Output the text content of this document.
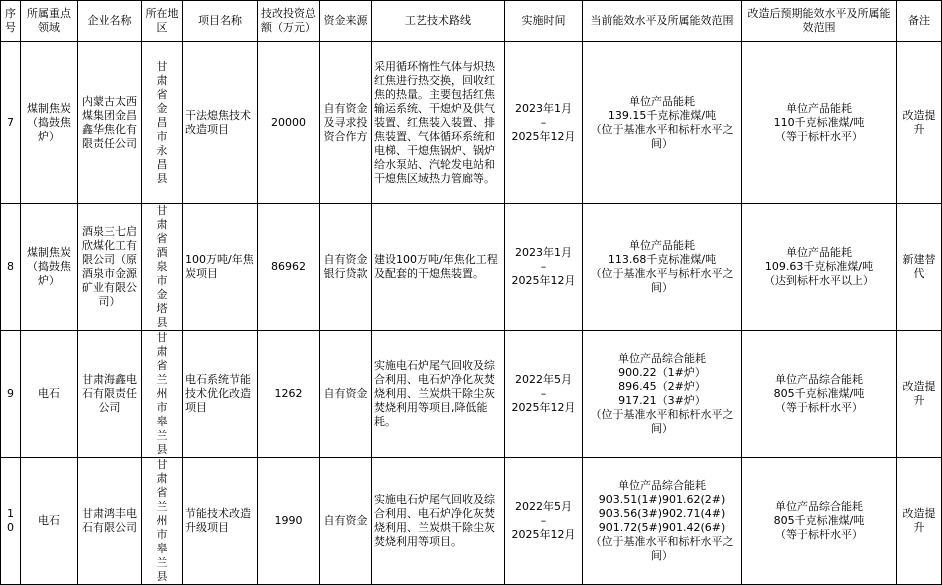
序号	所属重点领域	企业名称	所在地区	项目名称	技改投资总额（万元）	资金来源	工艺技术路线	实施时间	当前能效水平及所属能效范围	改造后预期能效水平及所属能效范围	备注
7	煤制焦炭（捣鼓焦炉）	内蒙古太西煤集团金昌鑫华焦化有限责任公司	甘肃省金昌市永昌县	干法熄焦技术改造项目	20000	自有资金及寻求投资合作方	采用循环惰性气体与炽热红焦进行热交换，回收红焦的热量。主要包括红焦输运系统、干熄炉及供气装置、红焦装入装置、排焦装置、气体循环系统和电梯、干熄焦锅炉、锅炉给水泵站、汽轮发电站和干熄焦区域热力管廊等。	2023年1月
–
2025年12月	单位产品能耗
139.15千克标准煤/吨
（位于基准水平和标杆水平之间）	单位产品能耗
110千克标准煤/吨
（等于标杆水平）	改造提升
8	煤制焦炭（捣鼓焦炉）	酒泉三七启欣煤化工有限公司（原酒泉市金源矿业有限公司）	甘肃省酒泉市金塔县	100万吨/年焦炭项目	86962	自有资金银行贷款	建设100万吨/年焦化工程及配套的干熄焦装置。	2023年1月
–
2025年12月	单位产品能耗
113.68千克标准煤/吨
（位于基准水平与标杆水平之间）	单位产品能耗
109.63千克标准煤/吨
（达到标杆水平以上）	新建替代
9	电石	甘肃海鑫电石有限责任公司	甘肃省兰州市皋兰县	电石系统节能技术优化改造项目	1262	自有资金	实施电石炉尾气回收及综合利用、电石炉净化灰焚烧利用、兰炭烘干除尘灰焚烧利用等项目,降低能耗。	2022年5月
–
2025年12月	单位产品综合能耗
900.22（1#炉）
896.45（2#炉）
917.21（3#炉）
（位于基准水平和标杆水平之间）	单位产品综合能耗
805千克标准煤/吨
（等于标杆水平）	改造提升
10	电石	甘肃鸿丰电石有限公司	甘肃省兰州市皋兰县	节能技术改造升级项目	1990	自有资金	实施电石炉尾气回收及综合利用、电石炉净化灰焚烧利用、兰炭烘干除尘灰焚烧利用等项目。	2022年5月
–
2025年12月	单位产品综合能耗
903.51(1#)901.62(2#)
903.56(3#)902.71(4#)
901.72(5#)901.42(6#)
（位于基准水平和标杆水平之间）	单位产品综合能耗
805千克标准煤/吨
（等于标杆水平）	改造提升
